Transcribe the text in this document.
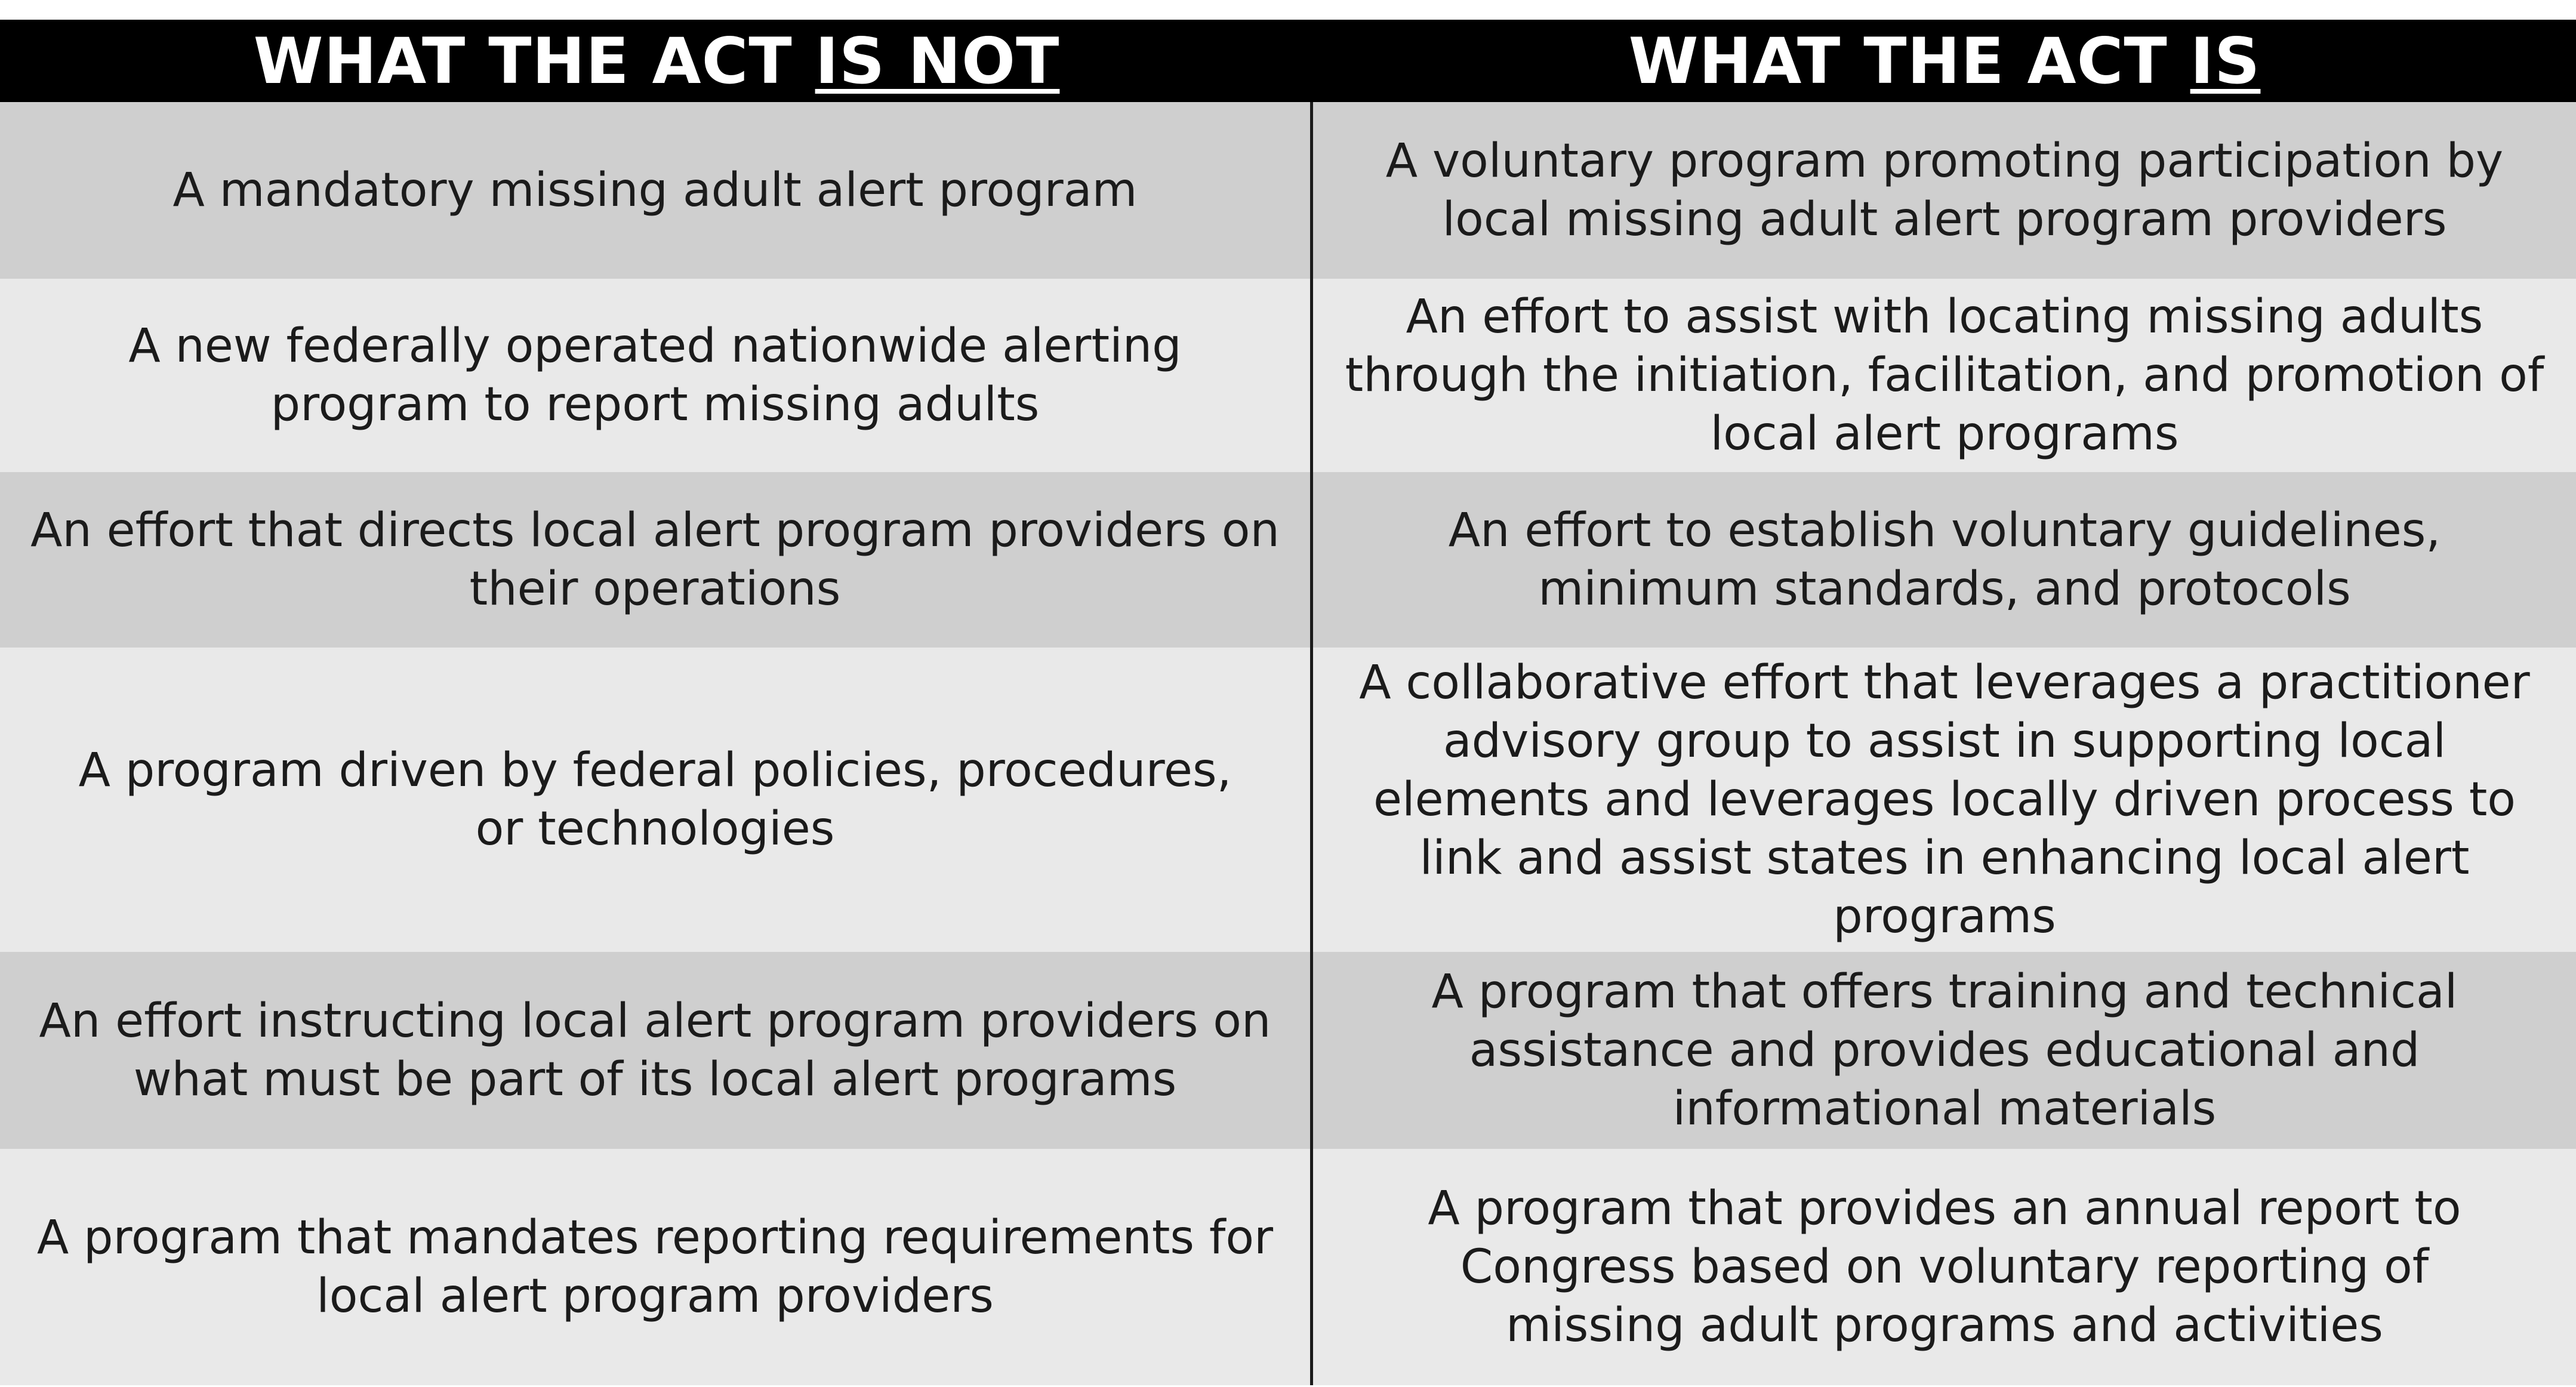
WHAT THE ACT IS NOT	WHAT THE ACT IS
A mandatory missing adult alert program
A voluntary program promoting participation by local missing adult alert program providers
A new federally operated nationwide alerting program to report missing adults
An effort to assist with locating missing adults through the initiation, facilitation, and promotion of local alert programs
An effort that directs local alert program providers on their operations
An effort to establish voluntary guidelines, minimum standards, and protocols
A program driven by federal policies, procedures, or technologies
A collaborative effort that leverages a practitioner advisory group to assist in supporting local elements and leverages locally driven process to link and assist states in enhancing local alert programs
An effort instructing local alert program providers on what must be part of its local alert programs
A program that offers training and technical assistance and provides educational and informational materials
A program that mandates reporting requirements for local alert program providers
A program that provides an annual report to Congress based on voluntary reporting of missing adult programs and activities
